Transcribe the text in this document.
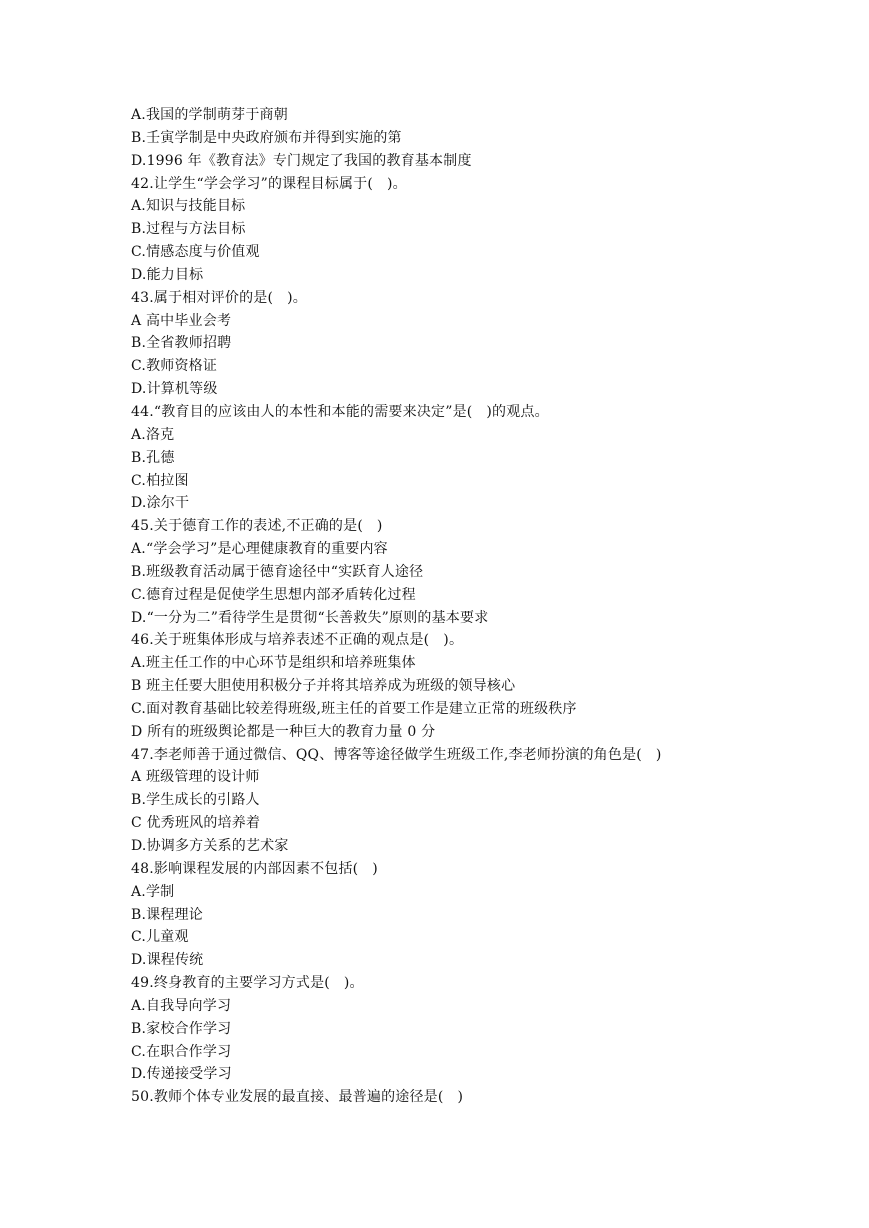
A.我国的学制萌芽于商朝
B.壬寅学制是中央政府颁布并得到实施的第
D.1996 年《教育法》专门规定了我国的教育基本制度
42.让学生“学会学习”的课程目标属于(   )。
A.知识与技能目标
B.过程与方法目标
C.情感态度与价值观
D.能力目标
43.属于相对评价的是(   )。
A 高中毕业会考
B.全省教师招聘
C.教师资格证
D.计算机等级
44.“教育目的应该由人的本性和本能的需要来决定”是(   )的观点。
A.洛克
B.孔德
C.柏拉图
D.涂尔干
45.关于德育工作的表述,不正确的是(   )
A.“学会学习”是心理健康教育的重要内容
B.班级教育活动属于德育途径中“实跃育人途径
C.德育过程是促使学生思想内部矛盾转化过程
D.“一分为二”看待学生是贯彻“长善救失”原则的基本要求
46.关于班集体形成与培养表述不正确的观点是(   )。
A.班主任工作的中心环节是组织和培养班集体
B 班主任要大胆使用积极分子并将其培养成为班级的领导核心
C.面对教育基础比较差得班级,班主任的首要工作是建立正常的班级秩序
D 所有的班级舆论都是一种巨大的教育力量 0 分
47.李老师善于通过微信、QQ、博客等途径做学生班级工作,李老师扮演的角色是(   )
A 班级管理的设计师
B.学生成长的引路人
C 优秀班风的培养着
D.协调多方关系的艺术家
48.影响课程发展的内部因素不包括(   )
A.学制
B.课程理论
C.儿童观
D.课程传统
49.终身教育的主要学习方式是(   )。
A.自我导向学习
B.家校合作学习
C.在职合作学习
D.传递接受学习
50.教师个体专业发展的最直接、最普遍的途径是(   )
